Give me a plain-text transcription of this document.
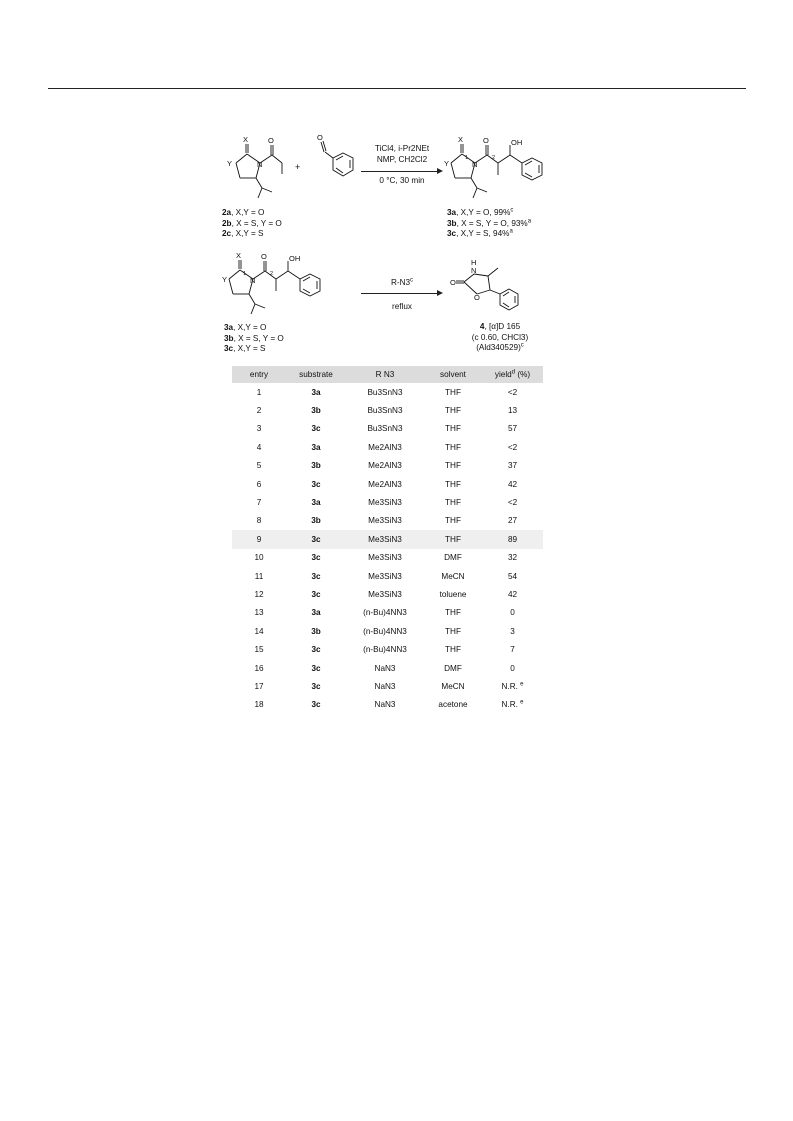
X
Y	N
O
2a, X,Y = O
2b, X = S, Y = O
2c, X,Y = S
+
O
TiCl4, i-Pr2NEt
NMP, CH2Cl2
0 °C, 30 min
X
Y	N
O	OH
1	2
3a, X,Y = O, 99%$^c$
3b, X = S, Y = O, 93%$^a$
3c, X,Y = S, 94%$^a$
X
Y	N
O	OH
1	2
3a, X,Y = O
3b, X = S, Y = O
3c, X,Y = S
R-N3$^c$
reflux
O
N
H
O
4, [α]D 165
(c 0.60, CHCl3)
$(Ald340529)^c$
entry	substrate	R N3	solvent	yield$^d$ (%)
1	3a	Bu3SnN3	THF	<2
2	3b	Bu3SnN3	THF	13
3	3c	Bu3SnN3	THF	57
4	3a	Me2AlN3	THF	<2
5	3b	Me2AlN3	THF	37
6	3c	Me2AlN3	THF	42
7	3a	Me3SiN3	THF	<2
8	3b	Me3SiN3	THF	27
9	3c	Me3SiN3	THF	89
10	3c	Me3SiN3	DMF	32
11	3c	Me3SiN3	MeCN	54
12	3c	Me3SiN3	toluene	42
13	3a	(n-Bu)4NN3	THF	0
14	3b	(n-Bu)4NN3	THF	3
15	3c	(n-Bu)4NN3	THF	7
16	3c	NaN3	DMF	0
17	3c	NaN3	MeCN	N.R. $^e$
18	3c	NaN3	acetone	N.R. $^e$
